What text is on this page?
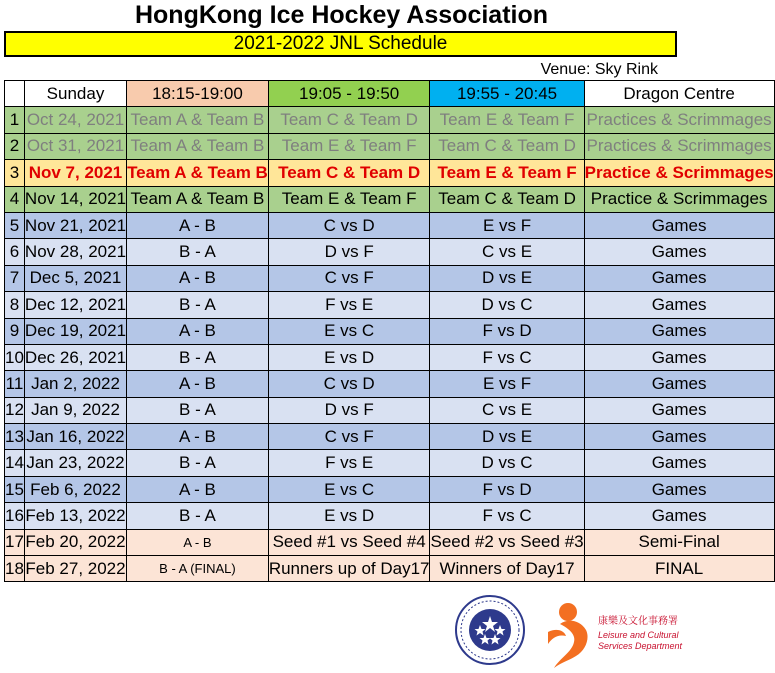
HongKong Ice Hockey Association
2021-2022 JNL Schedule
Venue: Sky Rink
	Sunday	18:15-19:00	19:05 - 19:50	19:55 - 20:45	Dragon Centre
1	Oct 24, 2021	Team A & Team B	Team C & Team D	Team E & Team F	Practices & Scrimmages
2	Oct 31, 2021	Team A & Team B	Team E & Team F	Team C & Team D	Practices & Scrimmages
3	Nov 7, 2021	Team A & Team B	Team C & Team D	Team E & Team F	Practice & Scrimmages
4	Nov 14, 2021	Team A & Team B	Team E & Team F	Team C & Team D	Practice & Scrimmages
5	Nov 21, 2021	A - B	C vs D	E vs F	Games
6	Nov 28, 2021	B - A	D vs F	C vs E	Games
7	Dec 5, 2021	A - B	C vs F	D vs E	Games
8	Dec 12, 2021	B - A	F vs E	D vs C	Games
9	Dec 19, 2021	A - B	E vs C	F vs D	Games
10	Dec 26, 2021	B - A	E vs D	F vs C	Games
11	Jan 2, 2022	A - B	C vs D	E vs F	Games
12	Jan 9, 2022	B - A	D vs F	C vs E	Games
13	Jan 16, 2022	A - B	C vs F	D vs E	Games
14	Jan 23, 2022	B - A	F vs E	D vs C	Games
15	Feb 6, 2022	A - B	E vs C	F vs D	Games
16	Feb 13, 2022	B - A	E vs D	F vs C	Games
17	Feb 20, 2022	A - B	Seed #1 vs Seed #4	Seed #2 vs Seed #3	Semi-Final
18	Feb 27, 2022	B - A (FINAL)	Runners up of Day17	Winners of Day17	FINAL
康樂及文化事務署
Leisure and Cultural
Services Department
